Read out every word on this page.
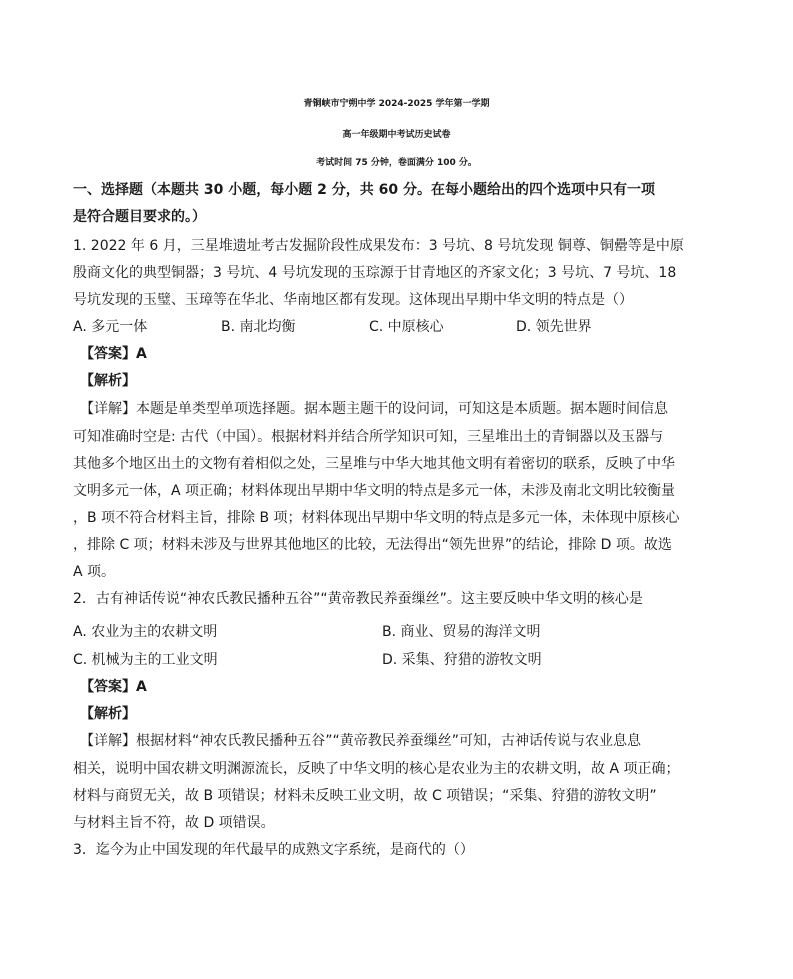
青铜峡市宁朔中学 2024-2025 学年第一学期
高一年级期中考试历史试卷
考试时间 75 分钟，卷面满分 100 分。
一、选择题（本题共 30 小题，每小题 2 分，共 60 分。在每小题给出的四个选项中只有一项
是符合题目要求的。）
1. 2022 年 6 月，三星堆遗址考古发掘阶段性成果发布：3 号坑、8 号坑发现 铜尊、铜罍等是中原
殷商文化的典型铜器；3 号坑、4 号坑发现的玉琮源于甘青地区的齐家文化；3 号坑、7 号坑、18
号坑发现的玉璧、玉璋等在华北、华南地区都有发现。这体现出早期中华文明的特点是（）
A. 多元一体	B. 南北均衡	C. 中原核心	D. 领先世界
【答案】A
【解析】
【详解】本题是单类型单项选择题。据本题主题干的设问词，可知这是本质题。据本题时间信息
可知准确时空是: 古代（中国）。根据材料并结合所学知识可知，三星堆出土的青铜器以及玉器与
其他多个地区出土的文物有着相似之处，三星堆与中华大地其他文明有着密切的联系，反映了中华
文明多元一体，A 项正确；材料体现出早期中华文明的特点是多元一体，未涉及南北文明比较衡量
，B 项不符合材料主旨，排除 B 项；材料体现出早期中华文明的特点是多元一体，未体现中原核心
，排除 C 项；材料未涉及与世界其他地区的比较，无法得出“领先世界”的结论，排除 D 项。故选
A 项。
2．古有神话传说“神农氏教民播种五谷”“黄帝教民养蚕缫丝”。这主要反映中华文明的核心是
A. 农业为主的农耕文明	B. 商业、贸易的海洋文明
C. 机械为主的工业文明	D. 采集、狩猎的游牧文明
【答案】A
【解析】
【详解】根据材料“神农氏教民播种五谷”“黄帝教民养蚕缫丝”可知，古神话传说与农业息息
相关，说明中国农耕文明渊源流长，反映了中华文明的核心是农业为主的农耕文明，故 A 项正确；
材料与商贸无关，故 B 项错误；材料未反映工业文明，故 C 项错误；“采集、狩猎的游牧文明”
与材料主旨不符，故 D 项错误。
3．迄今为止中国发现的年代最早的成熟文字系统，是商代的（）
